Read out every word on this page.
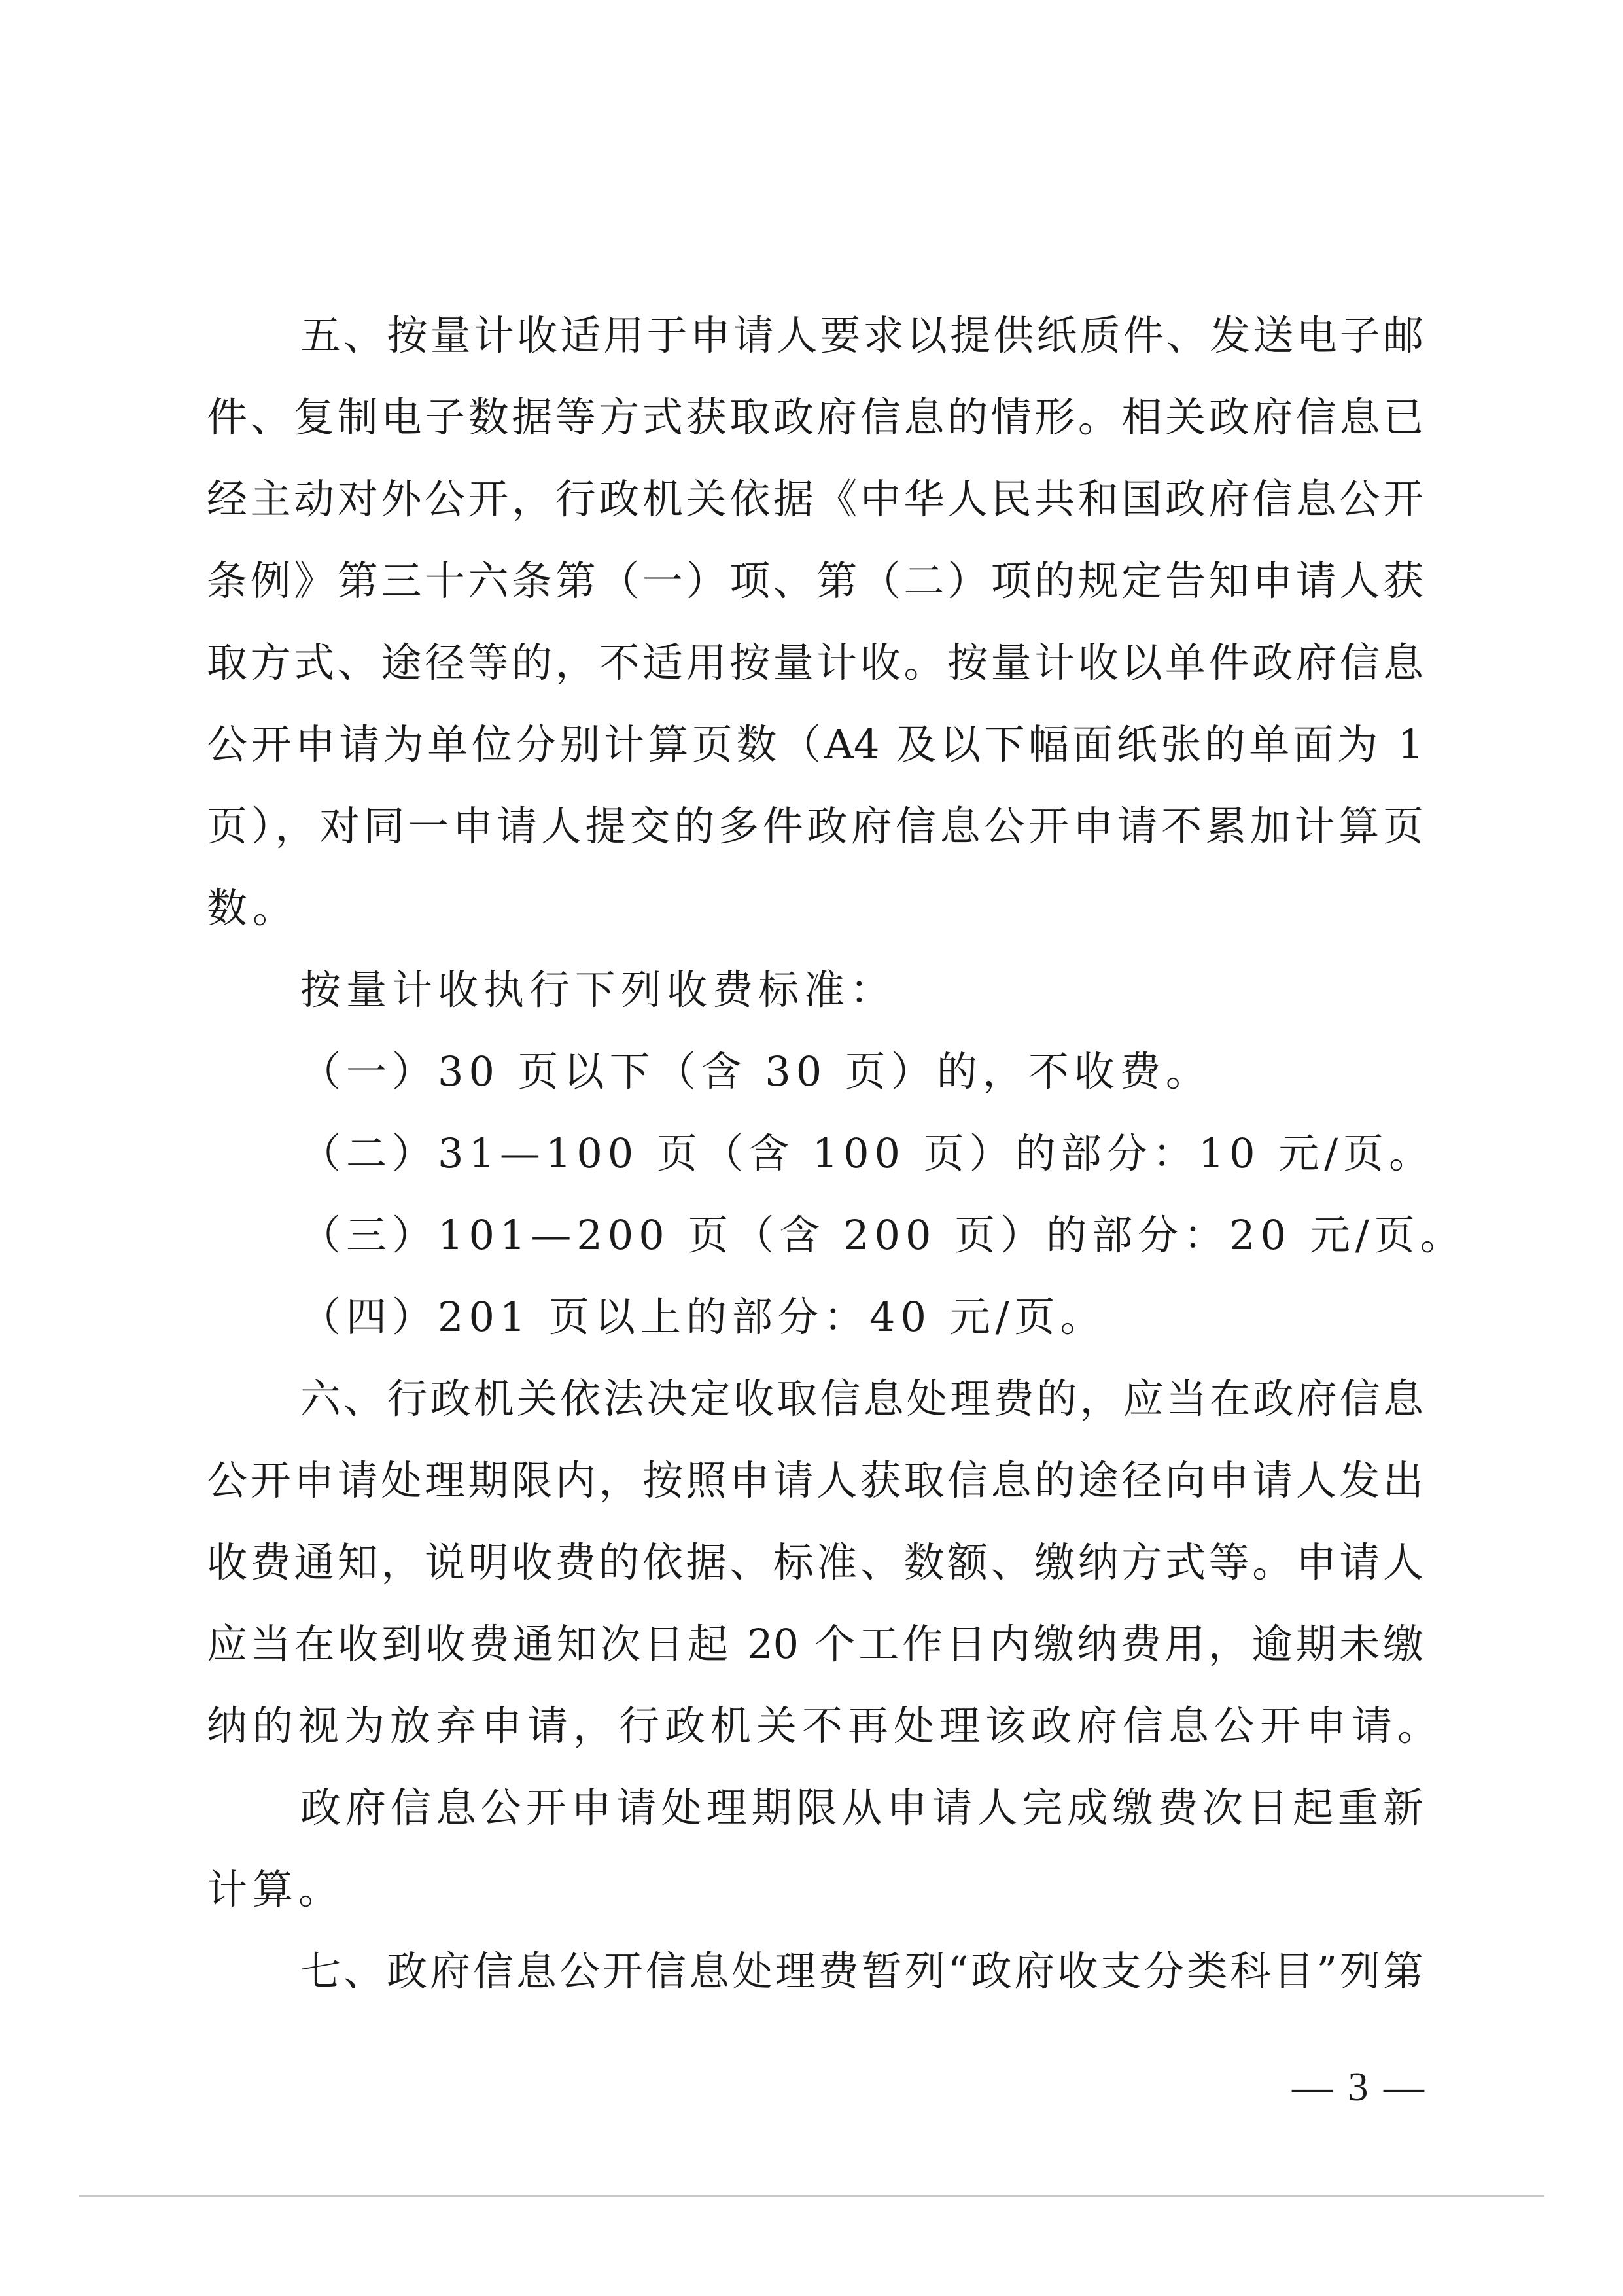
五、按量计收适用于申请人要求以提供纸质件、发送电子邮
件、复制电子数据等方式获取政府信息的情形。相关政府信息已
经主动对外公开，行政机关依据《中华人民共和国政府信息公开
条例》第三十六条第（一）项、第（二）项的规定告知申请人获
取方式、途径等的，不适用按量计收。按量计收以单件政府信息
公开申请为单位分别计算页数（A4 及以下幅面纸张的单面为 1
页），对同一申请人提交的多件政府信息公开申请不累加计算页
数。
按量计收执行下列收费标准：
（一）30 页以下（含 30 页）的，不收费。
（二）31—100 页（含 100 页）的部分：10 元/页。
（三）101—200 页（含 200 页）的部分：20 元/页。
（四）201 页以上的部分：40 元/页。
六、行政机关依法决定收取信息处理费的，应当在政府信息
公开申请处理期限内，按照申请人获取信息的途径向申请人发出
收费通知，说明收费的依据、标准、数额、缴纳方式等。申请人
应当在收到收费通知次日起 20 个工作日内缴纳费用，逾期未缴
纳的视为放弃申请，行政机关不再处理该政府信息公开申请。
政府信息公开申请处理期限从申请人完成缴费次日起重新
计算。
七、政府信息公开信息处理费暂列“政府收支分类科目”列第
— 3 —
